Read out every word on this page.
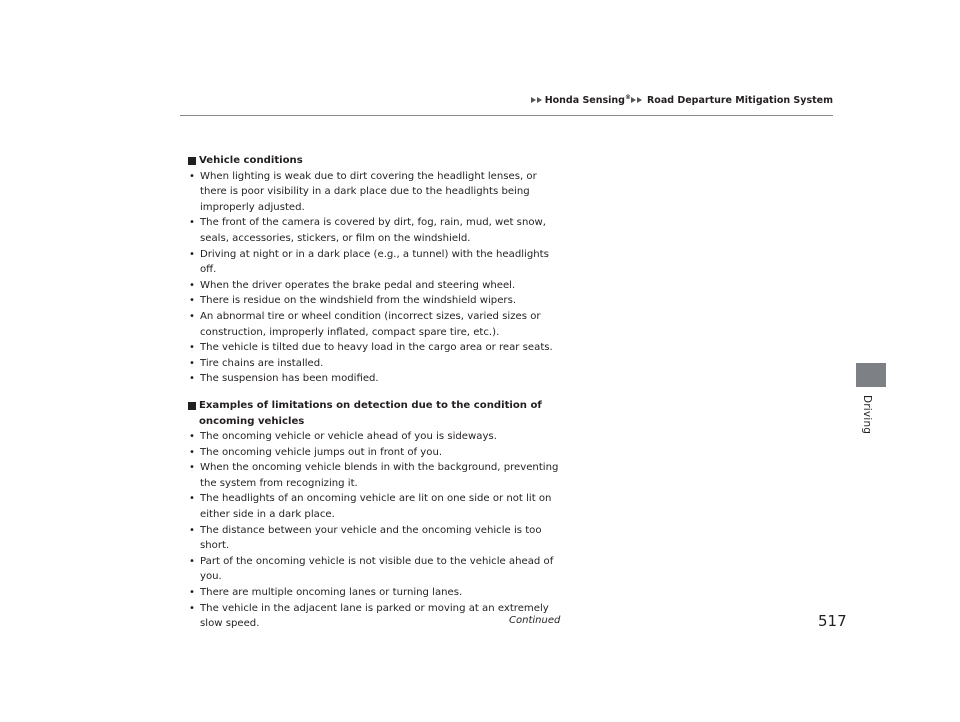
Honda Sensing® Road Departure Mitigation System
Driving
Vehicle conditions
• When lighting is weak due to dirt covering the headlight lenses, or there is poor visibility in a dark place due to the headlights being improperly adjusted.
• The front of the camera is covered by dirt, fog, rain, mud, wet snow, seals, accessories, stickers, or film on the windshield.
• Driving at night or in a dark place (e.g., a tunnel) with the headlights off.
• When the driver operates the brake pedal and steering wheel.
• There is residue on the windshield from the windshield wipers.
• An abnormal tire or wheel condition (incorrect sizes, varied sizes or construction, improperly inflated, compact spare tire, etc.).
• The vehicle is tilted due to heavy load in the cargo area or rear seats.
• Tire chains are installed.
• The suspension has been modified.
Examples of limitations on detection due to the condition of oncoming vehicles
• The oncoming vehicle or vehicle ahead of you is sideways.
• The oncoming vehicle jumps out in front of you.
• When the oncoming vehicle blends in with the background, preventing the system from recognizing it.
• The headlights of an oncoming vehicle are lit on one side or not lit on either side in a dark place.
• The distance between your vehicle and the oncoming vehicle is too short.
• Part of the oncoming vehicle is not visible due to the vehicle ahead of you.
• There are multiple oncoming lanes or turning lanes.
• The vehicle in the adjacent lane is parked or moving at an extremely slow speed.	Continued	517
